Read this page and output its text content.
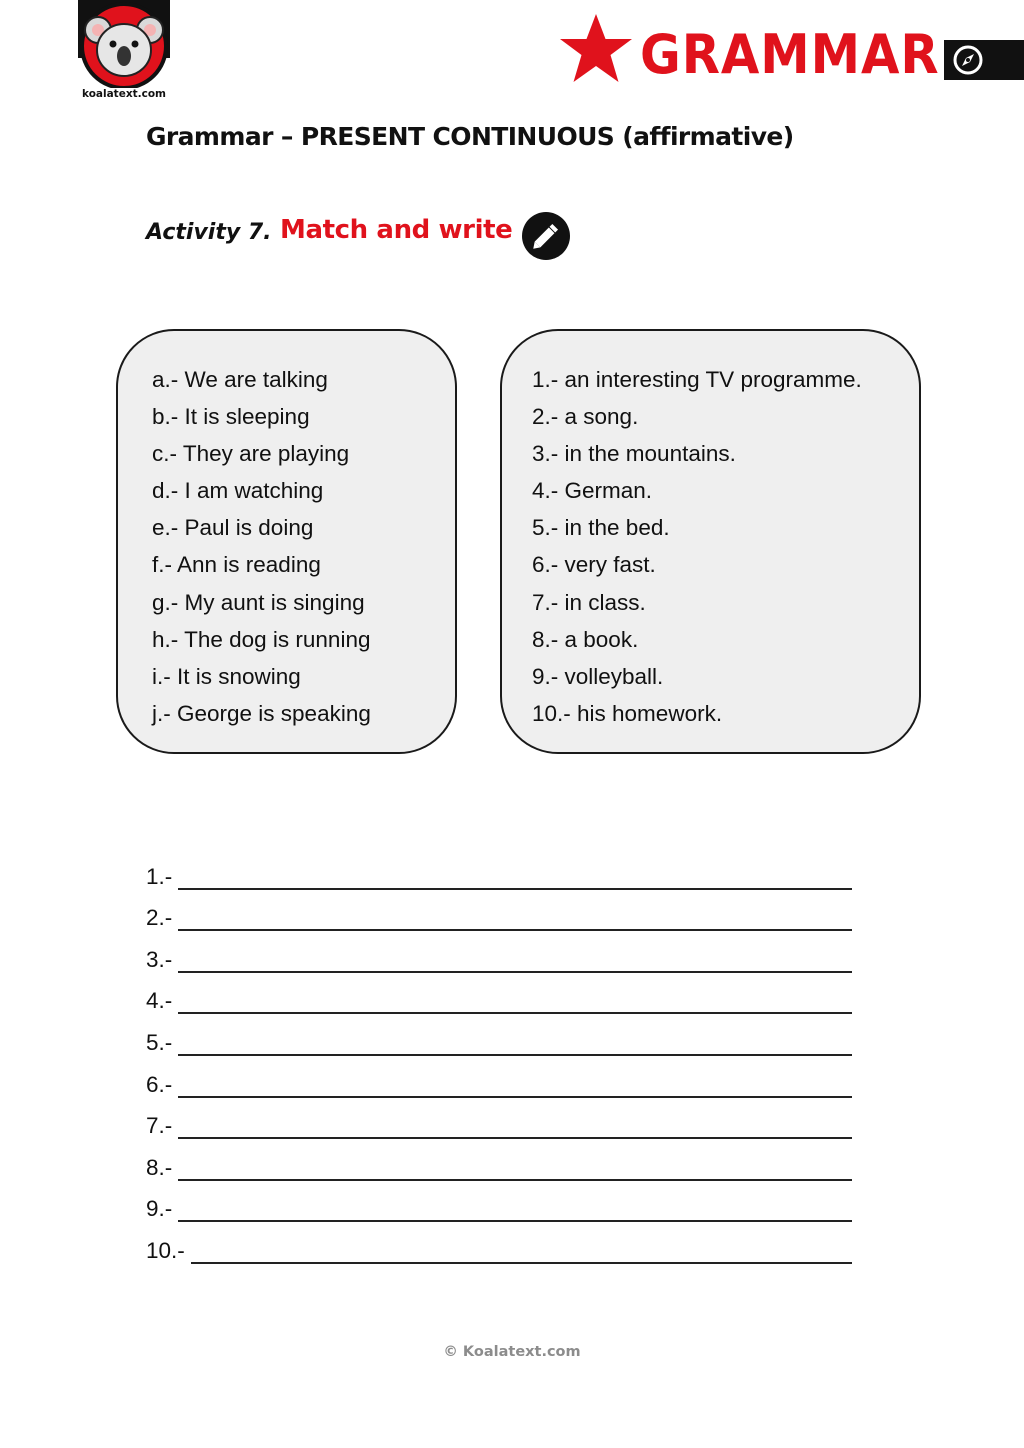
koalatext.com
GRAMMAR
Grammar – PRESENT CONTINUOUS (affirmative)
Activity 7. Match and write
a.- We are talking
b.- It is sleeping
c.- They are playing
d.- I am watching
e.- Paul is doing
f.- Ann is reading
g.- My aunt is singing
h.- The dog is running
i.- It is snowing
j.- George is speaking
1.- an interesting TV programme.
2.- a song.
3.- in the mountains.
4.- German.
5.- in the bed.
6.- very fast.
7.- in class.
8.- a book.
9.- volleyball.
10.- his homework.
1.-
2.-
3.-
4.-
5.-
6.-
7.-
8.-
9.-
10.-
© Koalatext.com
